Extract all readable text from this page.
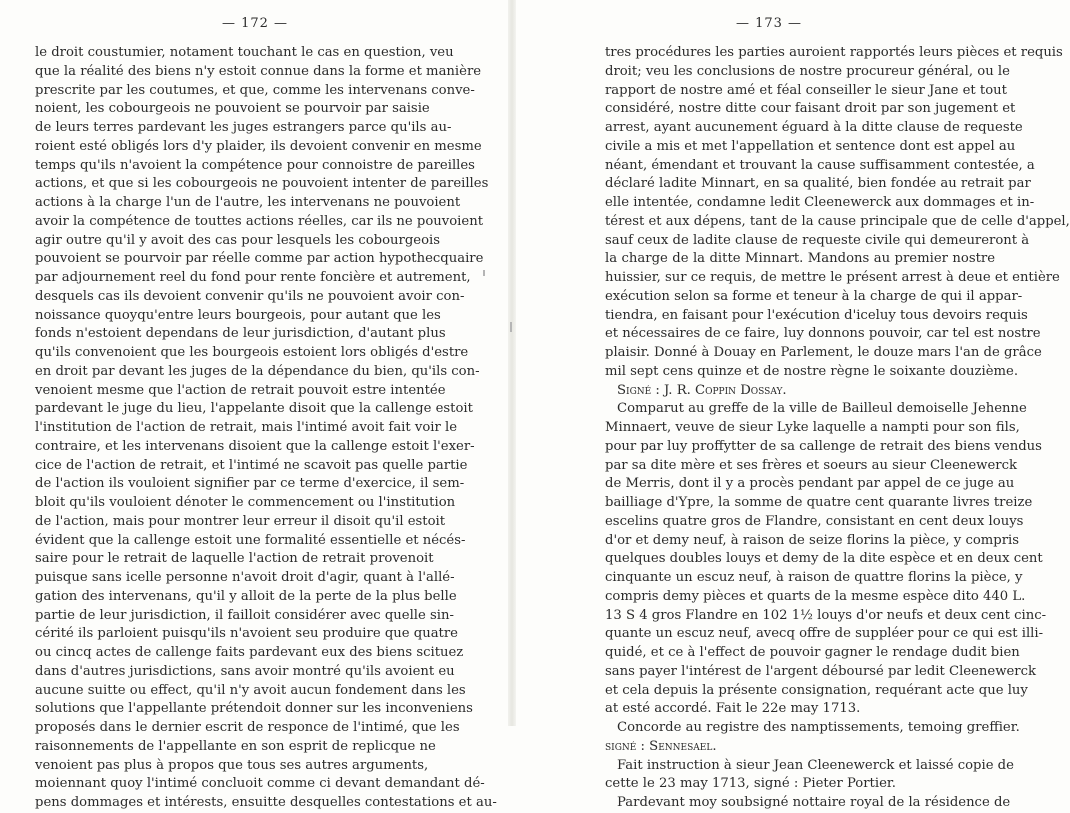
— 172 —
le droit coustumier, notament touchant le cas en question, veu
que la réalité des biens n'y estoit connue dans la forme et manière
prescrite par les coutumes, et que, comme les intervenans conve-
noient, les cobourgeois ne pouvoient se pourvoir par saisie
de leurs terres pardevant les juges estrangers parce qu'ils au-
roient esté obligés lors d'y plaider, ils devoient convenir en mesme
temps qu'ils n'avoient la compétence pour connoistre de pareilles
actions, et que si les cobourgeois ne pouvoient intenter de pareilles
actions à la charge l'un de l'autre, les intervenans ne pouvoient
avoir la compétence de touttes actions réelles, car ils ne pouvoient
agir outre qu'il y avoit des cas pour lesquels les cobourgeois
pouvoient se pourvoir par réelle comme par action hypothecquaire
par adjournement reel du fond pour rente foncière et autrement,
desquels cas ils devoient convenir qu'ils ne pouvoient avoir con-
noissance quoyqu'entre leurs bourgeois, pour autant que les
fonds n'estoient dependans de leur jurisdiction, d'autant plus
qu'ils convenoient que les bourgeois estoient lors obligés d'estre
en droit par devant les juges de la dépendance du bien, qu'ils con-
venoient mesme que l'action de retrait pouvoit estre intentée
pardevant le juge du lieu, l'appelante disoit que la callenge estoit
l'institution de l'action de retrait, mais l'intimé avoit fait voir le
contraire, et les intervenans disoient que la callenge estoit l'exer-
cice de l'action de retrait, et l'intimé ne scavoit pas quelle partie
de l'action ils vouloient signifier par ce terme d'exercice, il sem-
bloit qu'ils vouloient dénoter le commencement ou l'institution
de l'action, mais pour montrer leur erreur il disoit qu'il estoit
évident que la callenge estoit une formalité essentielle et nécés-
saire pour le retrait de laquelle l'action de retrait provenoit
puisque sans icelle personne n'avoit droit d'agir, quant à l'allé-
gation des intervenans, qu'il y alloit de la perte de la plus belle
partie de leur jurisdiction, il failloit considérer avec quelle sin-
cérité ils parloient puisqu'ils n'avoient seu produire que quatre
ou cincq actes de callenge faits pardevant eux des biens scituez
dans d'autres jurisdictions, sans avoir montré qu'ils avoient eu
aucune suitte ou effect, qu'il n'y avoit aucun fondement dans les
solutions que l'appellante prétendoit donner sur les inconveniens
proposés dans le dernier escrit de responce de l'intimé, que les
raisonnements de l'appellante en son esprit de replicque ne
venoient pas plus à propos que tous ses autres arguments,
moiennant quoy l'intimé concluoit comme ci devant demandant dé-
pens dommages et intérests, ensuitte desquelles contestations et au-
— 173 —
tres procédures les parties auroient rapportés leurs pièces et requis
droit; veu les conclusions de nostre procureur général, ou le
rapport de nostre amé et féal conseiller le sieur Jane et tout
considéré, nostre ditte cour faisant droit par son jugement et
arrest, ayant aucunement éguard à la ditte clause de requeste
civile a mis et met l'appellation et sentence dont est appel au
néant, émendant et trouvant la cause suffisamment contestée, a
déclaré ladite Minnart, en sa qualité, bien fondée au retrait par
elle intentée, condamne ledit Cleenewerck aux dommages et in-
térest et aux dépens, tant de la cause principale que de celle d'appel,
sauf ceux de ladite clause de requeste civile qui demeureront à
la charge de la ditte Minnart. Mandons au premier nostre
huissier, sur ce requis, de mettre le présent arrest à deue et entière
exécution selon sa forme et teneur à la charge de qui il appar-
tiendra, en faisant pour l'exécution d'iceluy tous devoirs requis
et nécessaires de ce faire, luy donnons pouvoir, car tel est nostre
plaisir. Donné à Douay en Parlement, le douze mars l'an de grâce
mil sept cens quinze et de nostre règne le soixante douzième.
Signé : J. R. Coppin Dossay.
Comparut au greffe de la ville de Bailleul demoiselle Jehenne
Minnaert, veuve de sieur Lyke laquelle a nampti pour son fils,
pour par luy proffytter de sa callenge de retrait des biens vendus
par sa dite mère et ses frères et soeurs au sieur Cleenewerck
de Merris, dont il y a procès pendant par appel de ce juge au
bailliage d'Ypre, la somme de quatre cent quarante livres treize
escelins quatre gros de Flandre, consistant en cent deux louys
d'or et demy neuf, à raison de seize florins la pièce, y compris
quelques doubles louys et demy de la dite espèce et en deux cent
cinquante un escuz neuf, à raison de quattre florins la pièce, y
compris demy pièces et quarts de la mesme espèce dito 440 L.
13 S 4 gros Flandre en 102 1½ louys d'or neufs et deux cent cinc-
quante un escuz neuf, avecq offre de suppléer pour ce qui est illi-
quidé, et ce à l'effect de pouvoir gagner le rendage dudit bien
sans payer l'intérest de l'argent déboursé par ledit Cleenewerck
et cela depuis la présente consignation, requérant acte que luy
at esté accordé. Fait le 22e may 1713.
Concorde au registre des namptissements, temoing greffier.
signé : Sennesael.
Fait instruction à sieur Jean Cleenewerck et laissé copie de
cette le 23 may 1713, signé : Pieter Portier.
Pardevant moy soubsigné nottaire royal de la résidence de
